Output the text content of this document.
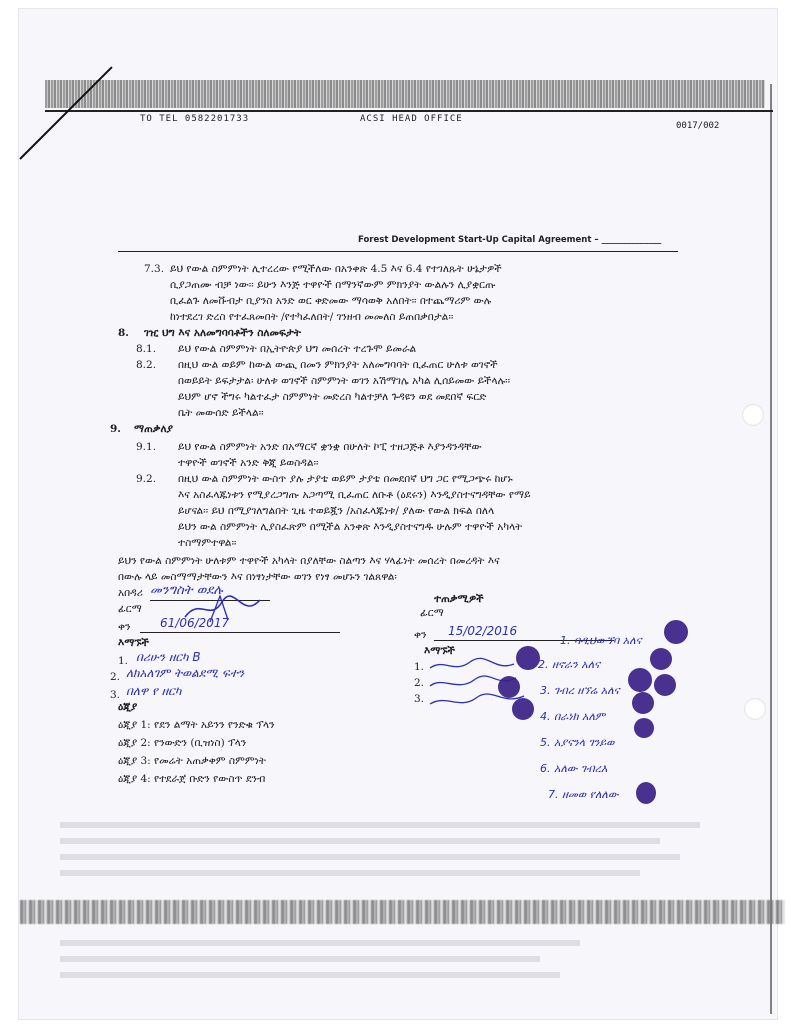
TO TEL 0582201733	ACSI HEAD OFFICE
0017/002
Forest Development Start-Up Capital Agreement – ______________
7.3. ይህ የውል ስምምነት ሊተረረው የሚችለው በአንቀጽ 4.5 እና 6.4 የተገለጹት ሁኔታዎች
ሲያጋጠሙ ብቻ ነው፡፡ ይሁን እንጅ ተዋዮች በማንኛውም ምክንያት ውልሉን ሊያቋርጡ
ቢፈልጉ ለመቩብታ ቢያንስ አንድ ወር ቀድመው ማሳወቅ አለበት፡፡ በተጨማሪም ውሉ
ከነተደረገ ድረስ የተፈጸመበት /የተካፈለበት/ ገንዘብ መመለስ ይጠበቃበታል፡፡
8. ገዢ ህግ እና አለመግባባቶችን ስለመፍታት
8.1. ይህ የውል ስምምነት በኢትዮጵያ ህግ መሰረት ተረጉሞ ይመራል
8.2. በዚህ ውል ወይም ከውል ውጪ በመን ምክንያት አለመግባባት ቢፈጠር ሁለቱ ወገኖች
በወይይት ይፍታታል፡ ሁለቱ ወገኖች ስምምነት ወገን አሽማገሌ አካል ሊሰይመው ይችላሉ፡፡
ይህም ሆኖ ችግሩ ካልተፈታ ስምምነት መድረስ ካልተቻለ ጉዳዩን ወደ መደበኛ ፍርድ
ቤት መውሰድ ይችላል፡፡
9. ማጠቃለያ
9.1. ይህ የውል ስምምነት አንድ በአማርኛ ቋንቋ በሁለት ኮፒ ተዘጋጅቶ እያንዳንዳቸው
ተዋዮች ወገኖች አንድ ቅጂ ይወስዳል፡፡
9.2. በዚህ ውል ስምምነት ውስጥ ያሉ ታያቴ ወይም ታያቴ በመደበኛ ህግ ጋር የሚጋጭሩ ከሆኑ
እና አስፈላጁነቱን የሚያረጋግጡ አጋጣሚ ቢፈጠር ለቡቶ (ዕደሩን) እንዲያስተናግዳቸው የማይ
ይሆናል፡፡ ይህ በሚያገለግልበት ጊዜ ተወይጇን /አስፈላጁነቱ/ ያለው የውል ክፍል በለላ
ይህን ውል ስምምነት ሊያስፈጽም በሚችል አንቀጽ እንዲያስተናግዱ ሁሉም ተዋዮች አካላት
ተስማምተዋል፡፡
ይህን የውል ስምምነት ሁለቱም ተዋዮች አካላት በያለቸው ስልጣን እና ሃላፊነት መሰረት በመረዳት እና
በውሉ ላይ መስማማታቸውን እና በነፃነታቸው ወገን የነፃ መሆኑን ገልጸዋል፡
አበዳሪ መንግስት ወደሉ
ፊርማ
ቀን 61/06/2017
እማኙች
1. በሪሁን ዘርካ B
2. ለክአለገም ትወልደሚ ፍተን
3. በለዋ የ ዘርካ
ተጠቃሚዎች
ፊርማ
ቀን 15/02/2016
እማኙች
1.
2.
3.
1. ባዲህውኘባ አለና
2. ዘኖራን አለና
3. ገብረ ዘኘሬ አለና
4. በራነክ አለም
5. አያናንላ ገንይወ
6. አለው ገብረእ
7. ዘመወ የለለው
ዕጂያ
ዕጂያ 1: የደን ልማት አይንን የንድቁ ፕላን
ዕጂያ 2: የንውድን (ቢዝነስ) ፕላን
ዕጂያ 3: የመሬት አጠቃቀም ስምምነት
ዕጂያ 4: የተደራጀ ቡድን የውስጥ ደንብ
